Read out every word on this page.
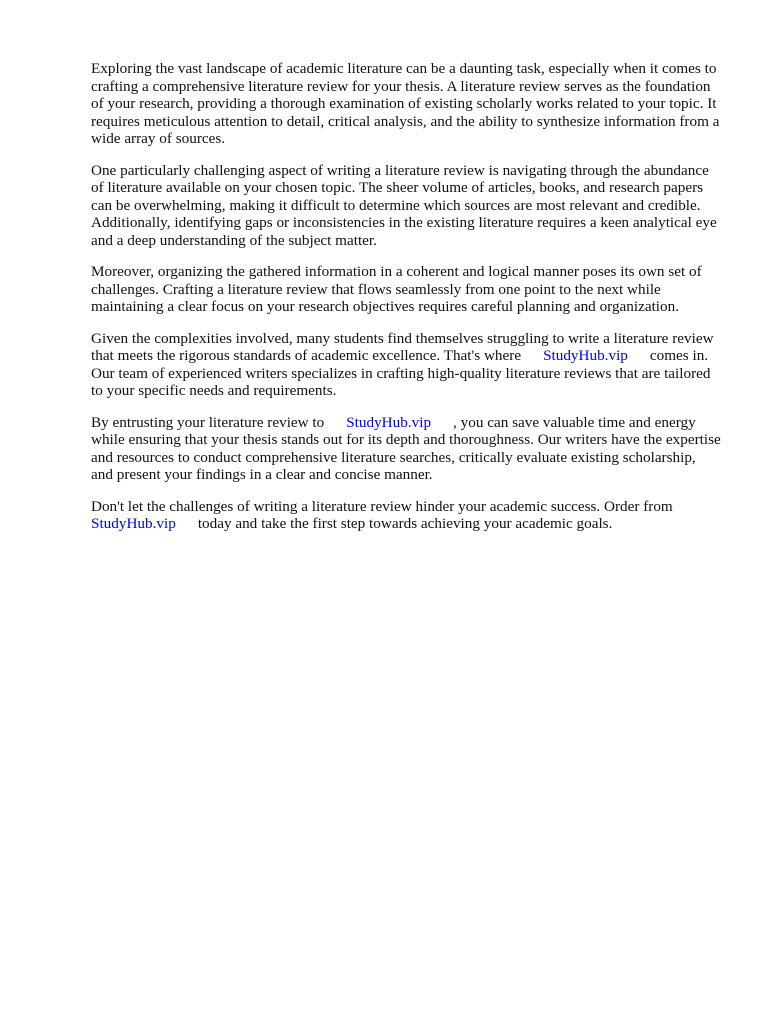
Exploring the vast landscape of academic literature can be a daunting task, especially when it comes to crafting a comprehensive literature review for your thesis. A literature review serves as the foundation of your research, providing a thorough examination of existing scholarly works related to your topic. It requires meticulous attention to detail, critical analysis, and the ability to synthesize information from a wide array of sources.

One particularly challenging aspect of writing a literature review is navigating through the abundance of literature available on your chosen topic. The sheer volume of articles, books, and research papers can be overwhelming, making it difficult to determine which sources are most relevant and credible. Additionally, identifying gaps or inconsistencies in the existing literature requires a keen analytical eye and a deep understanding of the subject matter.

Moreover, organizing the gathered information in a coherent and logical manner poses its own set of challenges. Crafting a literature review that flows seamlessly from one point to the next while maintaining a clear focus on your research objectives requires careful planning and organization.

Given the complexities involved, many students find themselves struggling to write a literature review that meets the rigorous standards of academic excellence. That's where StudyHub.vip comes in. Our team of experienced writers specializes in crafting high-quality literature reviews that are tailored to your specific needs and requirements.

By entrusting your literature review to StudyHub.vip , you can save valuable time and energy while ensuring that your thesis stands out for its depth and thoroughness. Our writers have the expertise and resources to conduct comprehensive literature searches, critically evaluate existing scholarship, and present your findings in a clear and concise manner.

Don't let the challenges of writing a literature review hinder your academic success. Order from StudyHub.vip today and take the first step towards achieving your academic goals.
